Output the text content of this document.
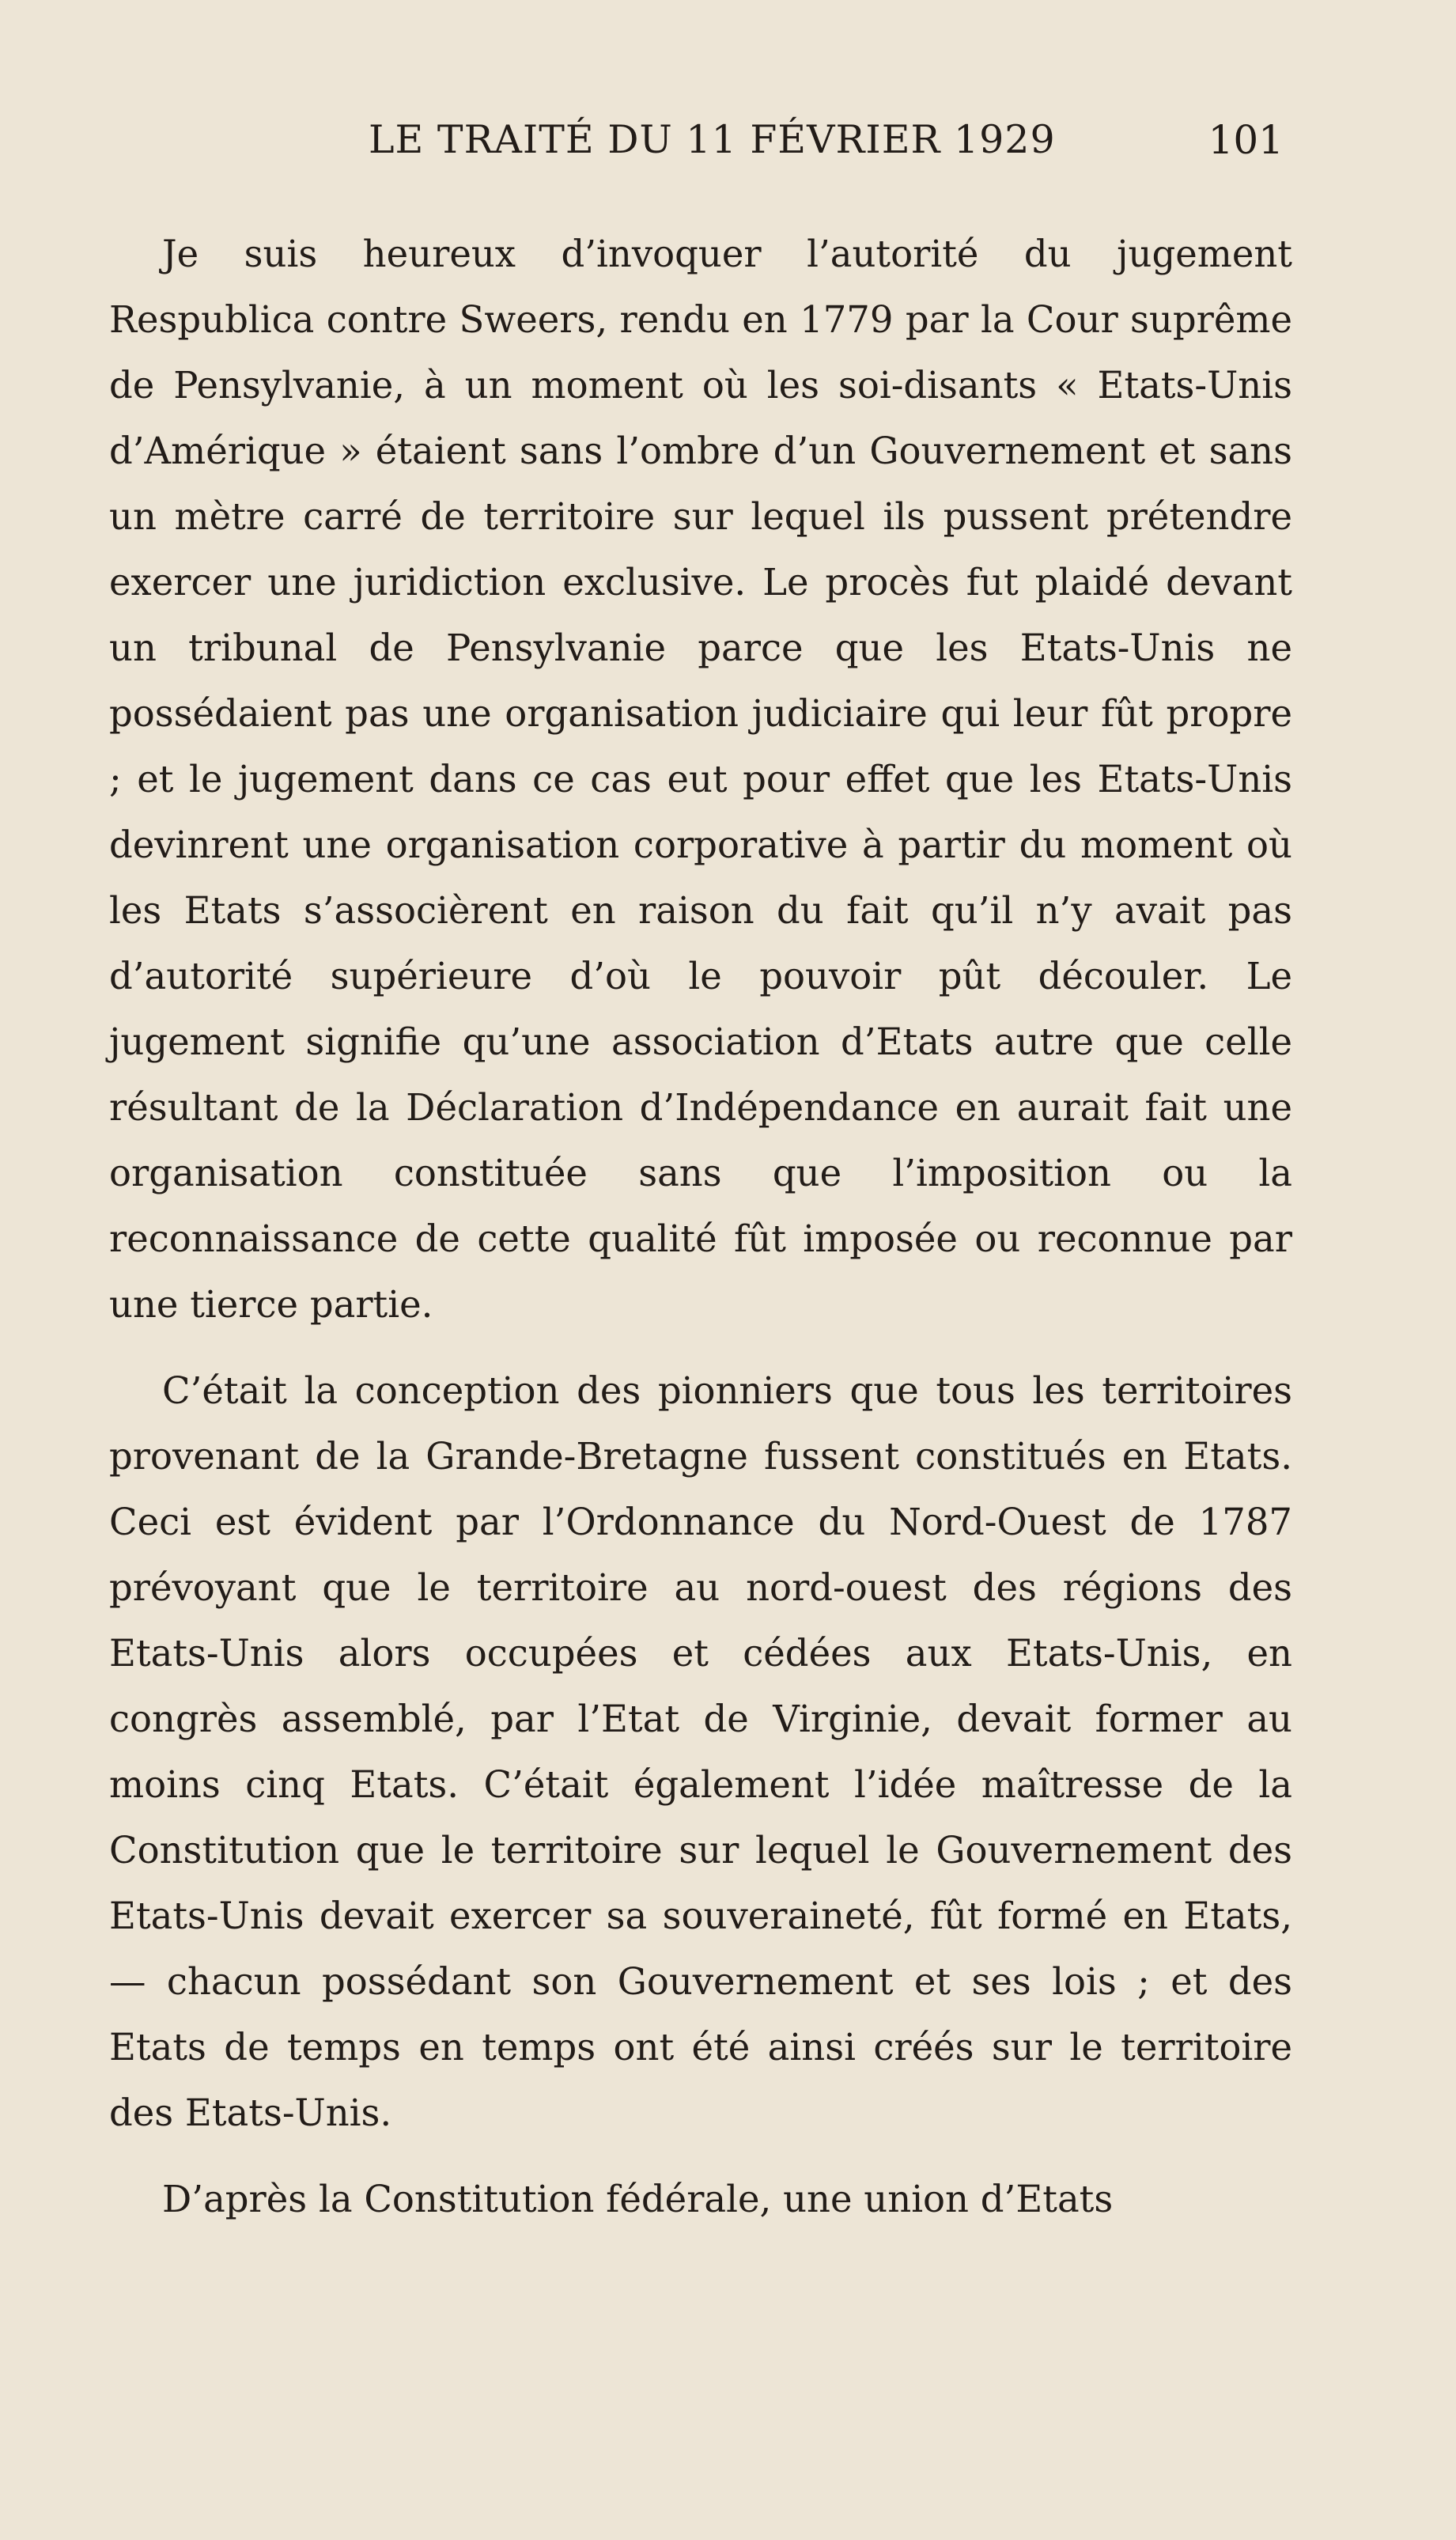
LE TRAITÉ DU 11 FÉVRIER 1929	101

Je suis heureux d’invoquer l’autorité du jugement Respublica contre Sweers, rendu en 1779 par la Cour suprême de Pensylvanie, à un moment où les soi-disants « Etats-Unis d’Amérique » étaient sans l’ombre d’un Gouvernement et sans un mètre carré de territoire sur lequel ils pussent prétendre exercer une juridiction exclusive. Le procès fut plaidé devant un tribunal de Pensylvanie parce que les Etats-Unis ne possédaient pas une organisation judiciaire qui leur fût propre ; et le jugement dans ce cas eut pour effet que les Etats-Unis devinrent une organisation corporative à partir du moment où les Etats s’associèrent en raison du fait qu’il n’y avait pas d’autorité supérieure d’où le pouvoir pût découler. Le jugement signifie qu’une association d’Etats autre que celle résultant de la Déclaration d’Indépendance en aurait fait une organisation constituée sans que l’imposition ou la reconnaissance de cette qualité fût imposée ou reconnue par une tierce partie.

C’était la conception des pionniers que tous les territoires provenant de la Grande-Bretagne fussent constitués en Etats. Ceci est évident par l’Ordonnance du Nord-Ouest de 1787 prévoyant que le territoire au nord-ouest des régions des Etats-Unis alors occupées et cédées aux Etats-Unis, en congrès assemblé, par l’Etat de Virginie, devait former au moins cinq Etats. C’était également l’idée maîtresse de la Constitution que le territoire sur lequel le Gouvernement des Etats-Unis devait exercer sa souveraineté, fût formé en Etats, — chacun possédant son Gouvernement et ses lois ; et des Etats de temps en temps ont été ainsi créés sur le territoire des Etats-Unis.

D’après la Constitution fédérale, une union d’Etats
